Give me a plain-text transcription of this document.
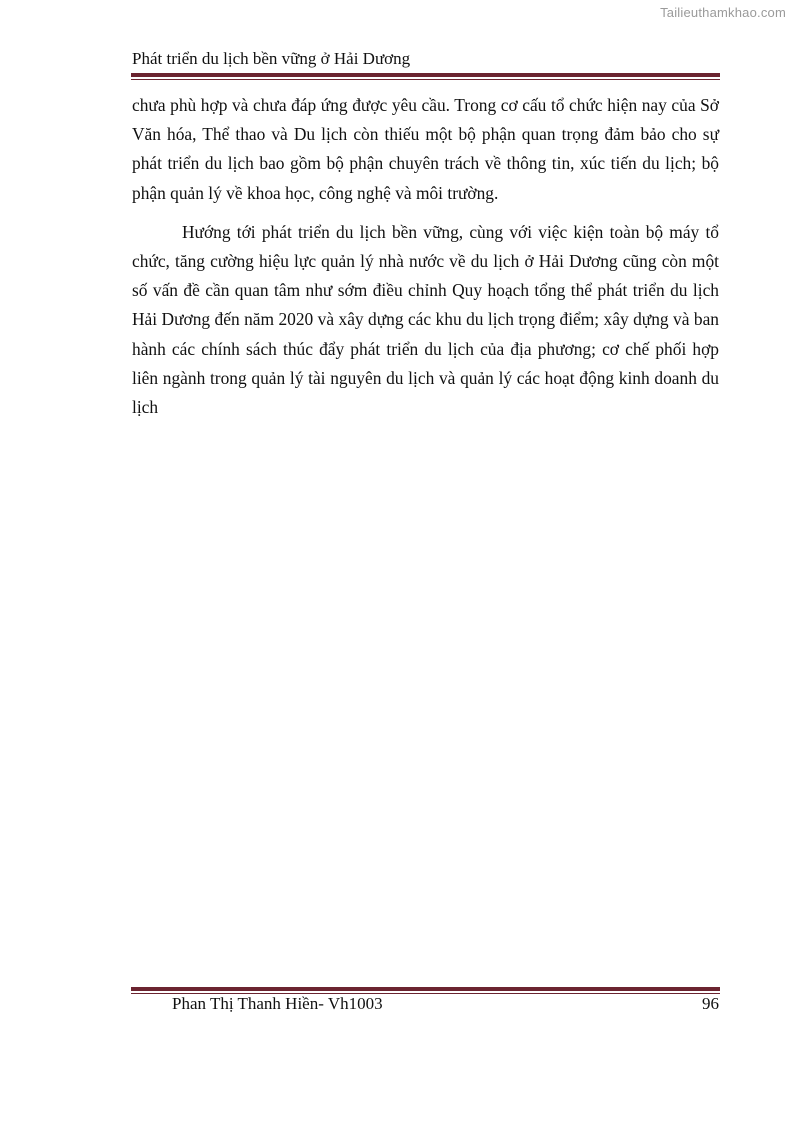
Tailieuthamkhao.com
Phát triển du lịch bền vững ở Hải Dương

chưa phù hợp và chưa đáp ứng được yêu cầu. Trong cơ cấu tổ chức hiện nay của Sở Văn hóa, Thể thao và Du lịch còn thiếu một bộ phận quan trọng đảm bảo cho sự phát triển du lịch bao gồm bộ phận chuyên trách về thông tin, xúc tiến du lịch; bộ phận quản lý về khoa học, công nghệ và môi trường.

Hướng tới phát triển du lịch bền vững, cùng với việc kiện toàn bộ máy tổ chức, tăng cường hiệu lực quản lý nhà nước về du lịch ở Hải Dương cũng còn một số vấn đề cần quan tâm như sớm điều chỉnh Quy hoạch tổng thể phát triển du lịch Hải Dương đến năm 2020 và xây dựng các khu du lịch trọng điểm; xây dựng và ban hành các chính sách thúc đẩy phát triển du lịch của địa phương; cơ chế phối hợp liên ngành trong quản lý tài nguyên du lịch và quản lý các hoạt động kinh doanh du lịch

Phan Thị Thanh Hiền- Vh1003	96
